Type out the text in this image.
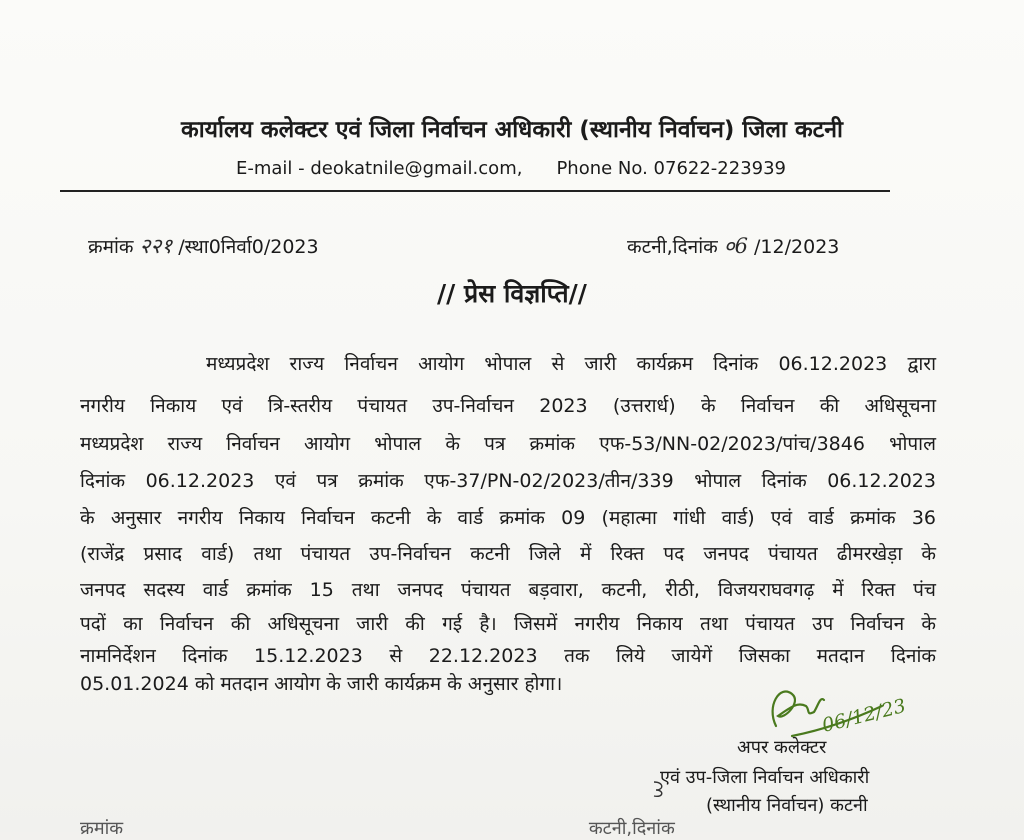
कार्यालय कलेक्टर एवं जिला निर्वाचन अधिकारी (स्थानीय निर्वाचन) जिला कटनी
E-mail - deokatnile@gmail.com, Phone No. 07622-223939
क्रमांक २२१ /स्था0निर्वा0/2023	कटनी,दिनांक ०6 /12/2023
// प्रेस विज्ञप्ति//
मध्यप्रदेश राज्य निर्वाचन आयोग भोपाल से जारी कार्यक्रम दिनांक 06.12.2023 द्वारा
नगरीय निकाय एवं त्रि-स्तरीय पंचायत उप-निर्वाचन 2023 (उत्तरार्ध) के निर्वाचन की अधिसूचना
मध्यप्रदेश राज्य निर्वाचन आयोग भोपाल के पत्र क्रमांक एफ-53/NN-02/2023/पांच/3846 भोपाल
दिनांक 06.12.2023 एवं पत्र क्रमांक एफ-37/PN-02/2023/तीन/339 भोपाल दिनांक 06.12.2023
के अनुसार नगरीय निकाय निर्वाचन कटनी के वार्ड क्रमांक 09 (महात्मा गांधी वार्ड) एवं वार्ड क्रमांक 36
(राजेंद्र प्रसाद वार्ड) तथा पंचायत उप-निर्वाचन कटनी जिले में रिक्त पद जनपद पंचायत ढीमरखेड़ा के
जनपद सदस्य वार्ड क्रमांक 15 तथा जनपद पंचायत बड़वारा, कटनी, रीठी, विजयराघवगढ़ में रिक्त पंच
पदों का निर्वाचन की अधिसूचना जारी की गई है। जिसमें नगरीय निकाय तथा पंचायत उप निर्वाचन के
नामनिर्देशन दिनांक 15.12.2023 से 22.12.2023 तक लिये जायेगें जिसका मतदान दिनांक
05.01.2024 को मतदान आयोग के जारी कार्यक्रम के अनुसार होगा।
06/12/23
अपर कलेक्टर
एवं उप-जिला निर्वाचन अधिकारी
(स्थानीय निर्वाचन) कटनी
क्रमांक	कटनी,दिनांक
